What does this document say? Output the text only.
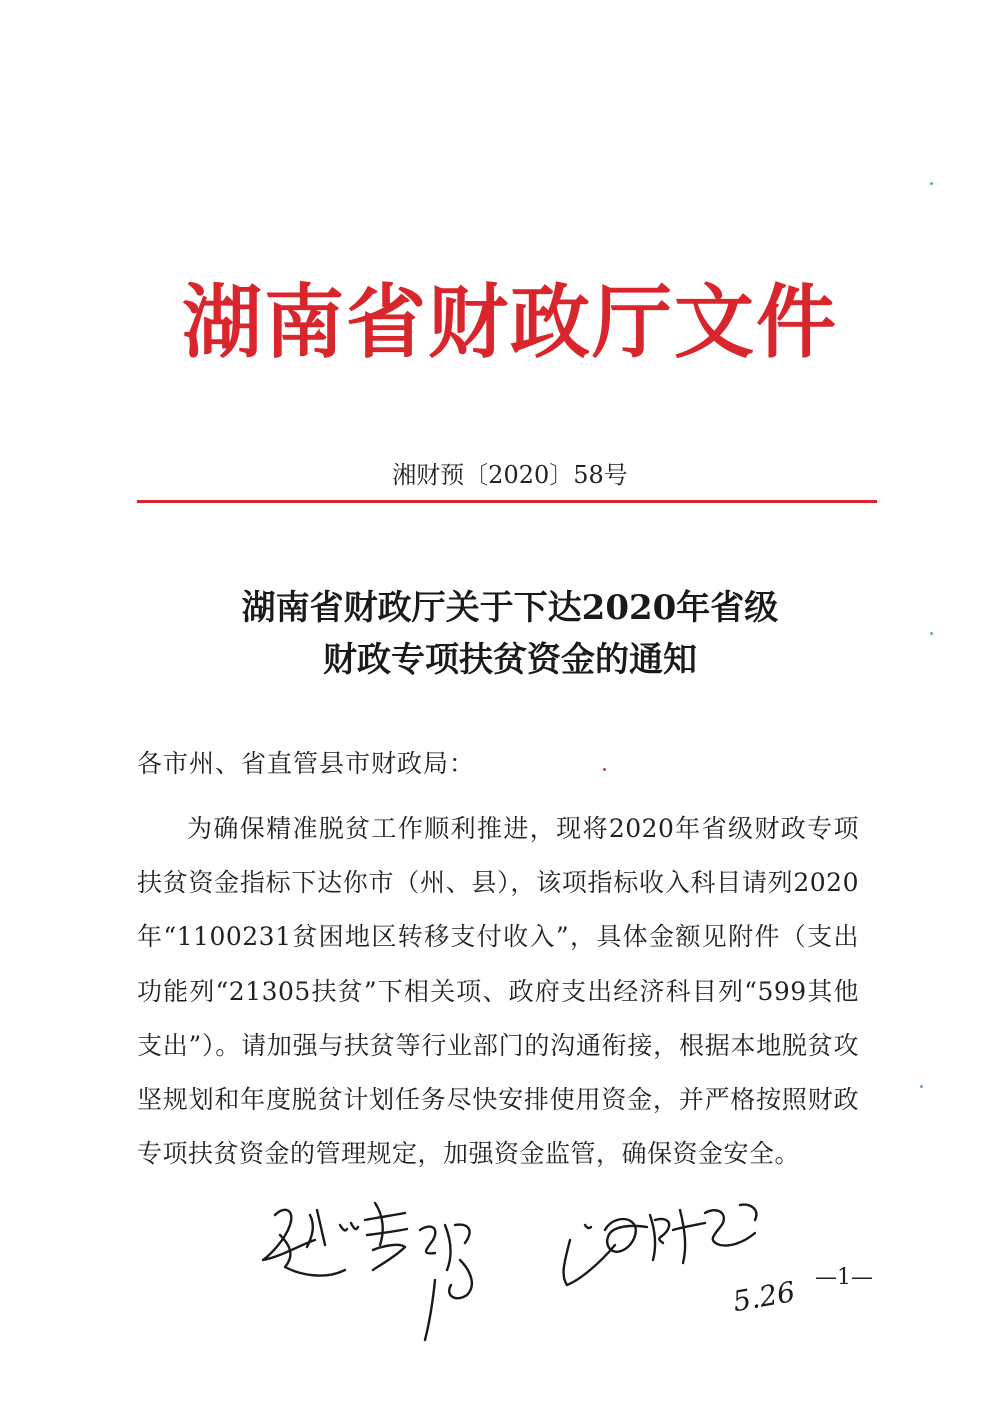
湖南省财政厅文件
湘财预〔2020〕58号
湖南省财政厅关于下达2020年省级
财政专项扶贫资金的通知
各市州、省直管县市财政局：
为确保精准脱贫工作顺利推进，现将2020年省级财政专项扶贫资金指标下达你市（州、县），该项指标收入科目请列2020年“1100231贫困地区转移支付收入”，具体金额见附件（支出功能列“21305扶贫”下相关项、政府支出经济科目列“599其他支出”）。请加强与扶贫等行业部门的沟通衔接，根据本地脱贫攻坚规划和年度脱贫计划任务尽快安排使用资金，并严格按照财政专项扶贫资金的管理规定，加强资金监管，确保资金安全。
5.26 —1—
